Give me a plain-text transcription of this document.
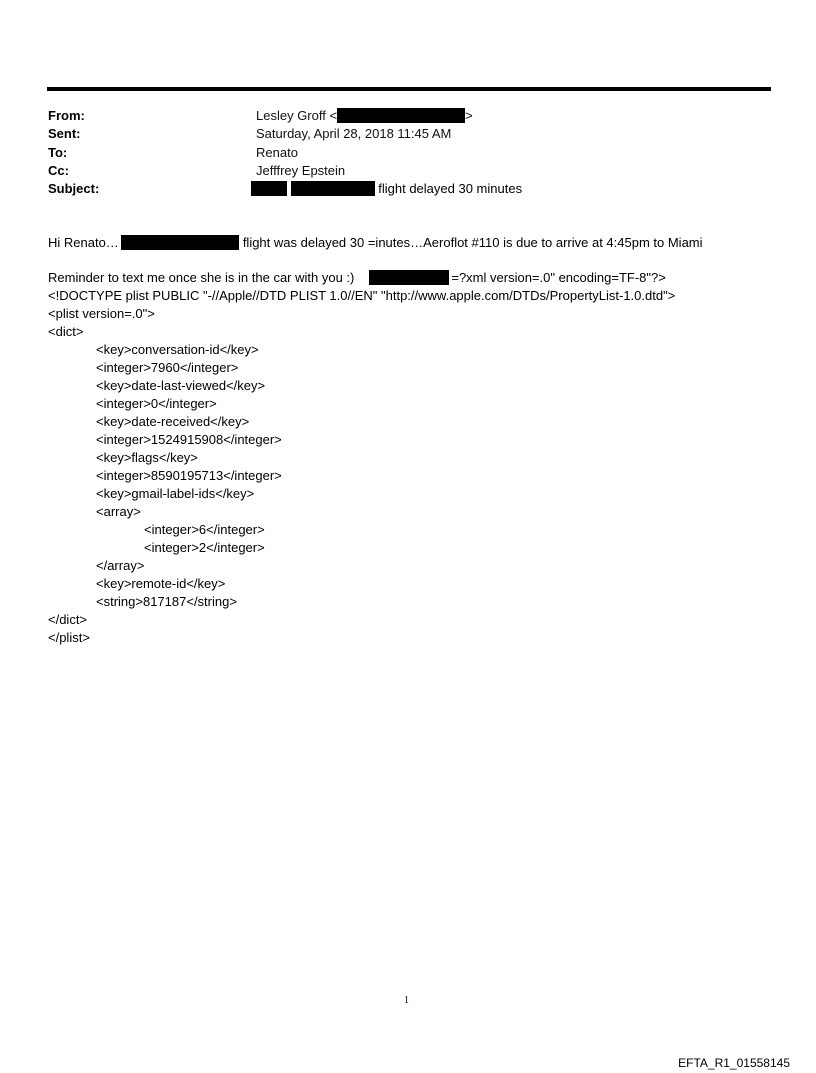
From:	Lesley Groff <	>
Sent:	Saturday, April 28, 2018 11:45 AM
To:	Renato
Cc:	Jefffrey Epstein
Subject:	flight delayed 30 minutes
Hi Renato…	flight was delayed 30 =inutes…Aeroflot #110 is due to arrive at 4:45pm to Miami
Reminder to text me once she is in the car with you :)	=?xml version=.0" encoding=TF-8"?>
<!DOCTYPE plist PUBLIC "-//Apple//DTD PLIST 1.0//EN" "http://www.apple.com/DTDs/PropertyList-1.0.dtd">
<plist version=.0">
<dict>
<key>conversation-id</key>
<integer>7960</integer>
<key>date-last-viewed</key>
<integer>0</integer>
<key>date-received</key>
<integer>1524915908</integer>
<key>flags</key>
<integer>8590195713</integer>
<key>gmail-label-ids</key>
<array>
<integer>6</integer>
<integer>2</integer>
</array>
<key>remote-id</key>
<string>817187</string>
</dict>
</plist>
1
EFTA_R1_01558145
